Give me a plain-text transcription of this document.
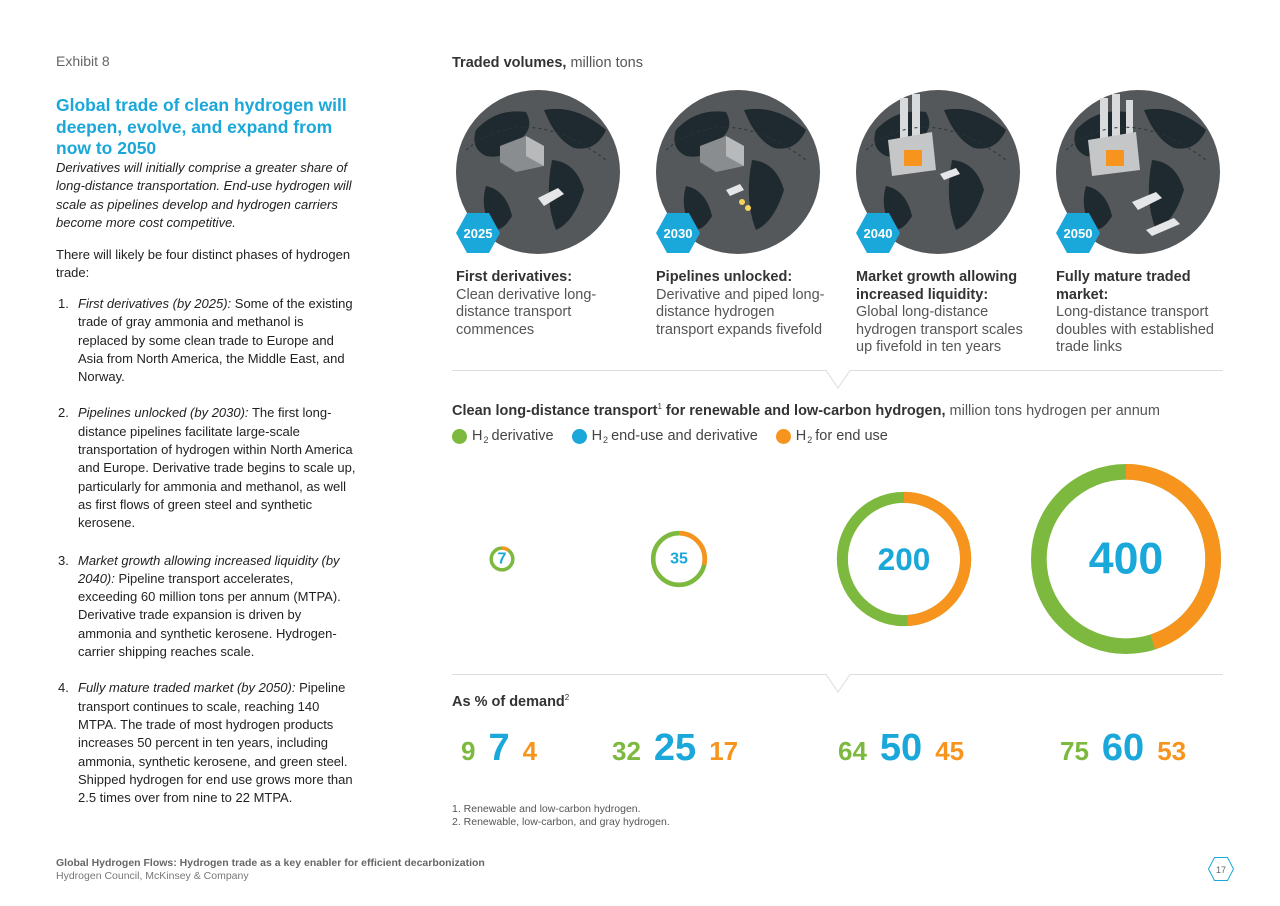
Exhibit 8
Global trade of clean hydrogen will deepen, evolve, and expand from now to 2050
Derivatives will initially comprise a greater share of long-distance transportation. End-use hydrogen will scale as pipelines develop and hydrogen carriers become more cost competitive.
There will likely be four distinct phases of hydrogen trade:
1. First derivatives (by 2025): Some of the existing trade of gray ammonia and methanol is replaced by some clean trade to Europe and Asia from North America, the Middle East, and Norway.
2. Pipelines unlocked (by 2030): The first long-distance pipelines facilitate large-scale transportation of hydrogen within North America and Europe. Derivative trade begins to scale up, particularly for ammonia and methanol, as well as first flows of green steel and synthetic kerosene.
3. Market growth allowing increased liquidity (by 2040): Pipeline transport accelerates, exceeding 60 million tons per annum (MTPA). Derivative trade expansion is driven by ammonia and synthetic kerosene. Hydrogen-carrier shipping reaches scale.
4. Fully mature traded market (by 2050): Pipeline transport continues to scale, reaching 140 MTPA. The trade of most hydrogen products increases 50 percent in ten years, including ammonia, synthetic kerosene, and green steel. Shipped hydrogen for end use grows more than 2.5 times over from nine to 22 MTPA.
Traded volumes, million tons
2025	2030	2040	2050
First derivatives:
Clean derivative long-distance transport commences
Pipelines unlocked:
Derivative and piped long-distance hydrogen transport expands fivefold
Market growth allowing increased liquidity:
Global long-distance hydrogen transport scales up fivefold in ten years
Fully mature traded market:
Long-distance transport doubles with established trade links
Clean long-distance transport$^1$ for renewable and low-carbon hydrogen, million tons hydrogen per annum
H 2 derivative	H 2 end-use and derivative	H 2 for end use
7	35	200	400
As % of demand$^2$
9 7 4	32 25 17	64 50 45	75 60 53
1. Renewable and low-carbon hydrogen.
2. Renewable, low-carbon, and gray hydrogen.
Global Hydrogen Flows: Hydrogen trade as a key enabler for efficient decarbonization
Hydrogen Council, McKinsey & Company	17
